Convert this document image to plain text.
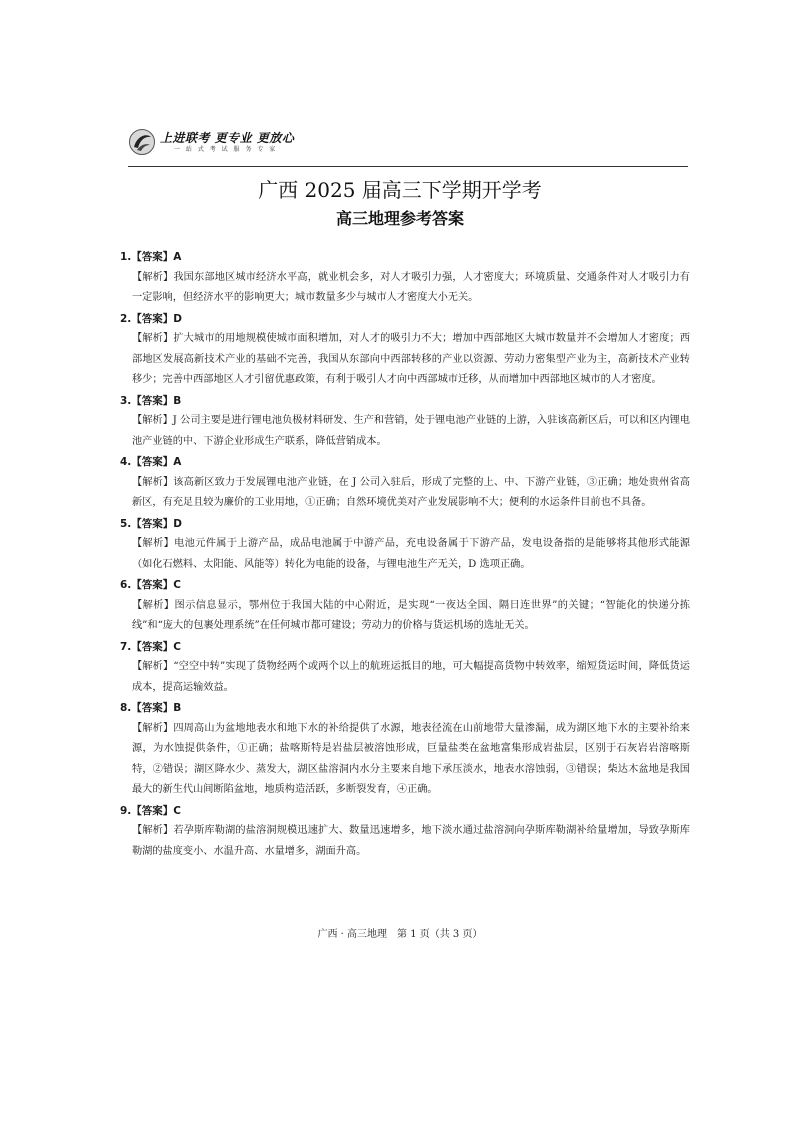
上进联考 更专业 更放心
一 站 式 考 试 服 务 专 家
广西 2025 届高三下学期开学考
高三地理参考答案
1.【答案】A
【解析】我国东部地区城市经济水平高，就业机会多，对人才吸引力强，人才密度大；环境质量、交通条件对人才吸引力有一定影响，但经济水平的影响更大；城市数量多少与城市人才密度大小无关。
2.【答案】D
【解析】扩大城市的用地规模使城市面积增加，对人才的吸引力不大；增加中西部地区大城市数量并不会增加人才密度；西部地区发展高新技术产业的基础不完善，我国从东部向中西部转移的产业以资源、劳动力密集型产业为主，高新技术产业转移少；完善中西部地区人才引留优惠政策，有利于吸引人才向中西部城市迁移，从而增加中西部地区城市的人才密度。
3.【答案】B
【解析】J 公司主要是进行锂电池负极材料研发、生产和营销，处于锂电池产业链的上游，入驻该高新区后，可以和区内锂电池产业链的中、下游企业形成生产联系，降低营销成本。
4.【答案】A
【解析】该高新区致力于发展锂电池产业链，在 J 公司入驻后，形成了完整的上、中、下游产业链，③正确；地处贵州省高新区，有充足且较为廉价的工业用地，①正确；自然环境优美对产业发展影响不大；便利的水运条件目前也不具备。
5.【答案】D
【解析】电池元件属于上游产品，成品电池属于中游产品，充电设备属于下游产品，发电设备指的是能够将其他形式能源（如化石燃料、太阳能、风能等）转化为电能的设备，与锂电池生产无关，D 选项正确。
6.【答案】C
【解析】图示信息显示，鄂州位于我国大陆的中心附近，是实现“一夜达全国、隔日连世界”的关键；“智能化的快递分拣线”和“庞大的包裹处理系统”在任何城市都可建设；劳动力的价格与货运机场的选址无关。
7.【答案】C
【解析】“空空中转”实现了货物经两个或两个以上的航班运抵目的地，可大幅提高货物中转效率，缩短货运时间，降低货运成本，提高运输效益。
8.【答案】B
【解析】四周高山为盆地地表水和地下水的补给提供了水源，地表径流在山前地带大量渗漏，成为湖区地下水的主要补给来源，为水蚀提供条件，①正确；盐喀斯特是岩盐层被溶蚀形成，巨量盐类在盆地富集形成岩盐层，区别于石灰岩岩溶喀斯特，②错误；湖区降水少、蒸发大，湖区盐溶洞内水分主要来自地下承压淡水，地表水溶蚀弱，③错误；柴达木盆地是我国最大的新生代山间断陷盆地，地质构造活跃，多断裂发育，④正确。
9.【答案】C
【解析】若孕斯库勒湖的盐溶洞规模迅速扩大、数量迅速增多，地下淡水通过盐溶洞向孕斯库勒湖补给量增加，导致孕斯库勒湖的盐度变小、水温升高、水量增多，湖面升高。
广西 · 高三地理　第 1 页（共 3 页）
